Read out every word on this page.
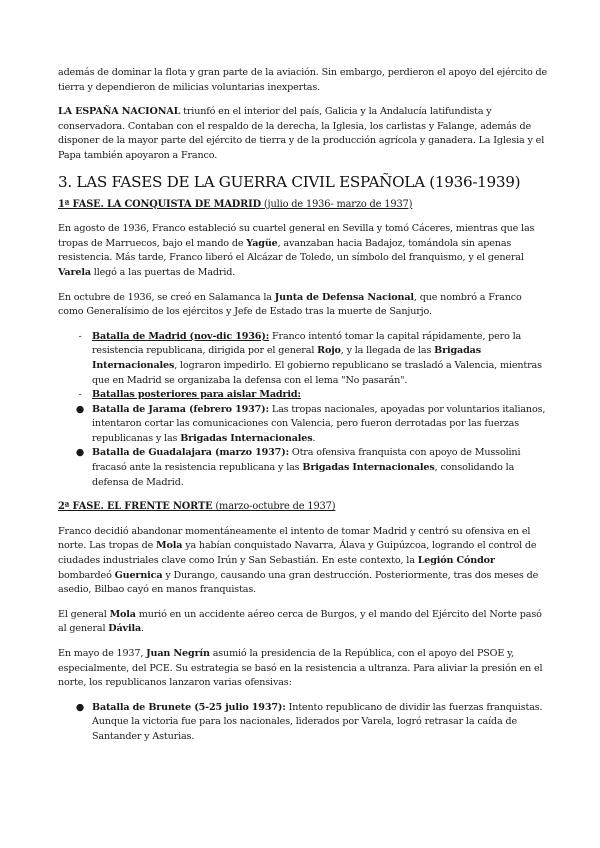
además de dominar la flota y gran parte de la aviación. Sin embargo, perdieron el apoyo del ejército de tierra y dependieron de milicias voluntarias inexpertas.

LA ESPAÑA NACIONAL triunfó en el interior del país, Galicia y la Andalucía latifundista y conservadora. Contaban con el respaldo de la derecha, la Iglesia, los carlistas y Falange, además de disponer de la mayor parte del ejército de tierra y de la producción agrícola y ganadera. La Iglesia y el Papa también apoyaron a Franco.

3. LAS FASES DE LA GUERRA CIVIL ESPAÑOLA (1936-1939)

1ª FASE. LA CONQUISTA DE MADRID (julio de 1936- marzo de 1937)

En agosto de 1936, Franco estableció su cuartel general en Sevilla y tomó Cáceres, mientras que las tropas de Marruecos, bajo el mando de Yagüe, avanzaban hacia Badajoz, tomándola sin apenas resistencia. Más tarde, Franco liberó el Alcázar de Toledo, un símbolo del franquismo, y el general Varela llegó a las puertas de Madrid.

En octubre de 1936, se creó en Salamanca la Junta de Defensa Nacional, que nombró a Franco como Generalísimo de los ejércitos y Jefe de Estado tras la muerte de Sanjurjo.

-	Batalla de Madrid (nov-dic 1936): Franco intentó tomar la capital rápidamente, pero la resistencia republicana, dirigida por el general Rojo, y la llegada de las Brigadas Internacionales, lograron impedirlo. El gobierno republicano se trasladó a Valencia, mientras que en Madrid se organizaba la defensa con el lema "No pasarán".
-	Batallas posteriores para aislar Madrid:
● Batalla de Jarama (febrero 1937): Las tropas nacionales, apoyadas por voluntarios italianos, intentaron cortar las comunicaciones con Valencia, pero fueron derrotadas por las fuerzas republicanas y las Brigadas Internacionales.
● Batalla de Guadalajara (marzo 1937): Otra ofensiva franquista con apoyo de Mussolini fracasó ante la resistencia republicana y las Brigadas Internacionales, consolidando la defensa de Madrid.

2ª FASE. EL FRENTE NORTE (marzo-octubre de 1937)

Franco decidió abandonar momentáneamente el intento de tomar Madrid y centró su ofensiva en el norte. Las tropas de Mola ya habían conquistado Navarra, Álava y Guipúzcoa, logrando el control de ciudades industriales clave como Irún y San Sebastián. En este contexto, la Legión Cóndor bombardeó Guernica y Durango, causando una gran destrucción. Posteriormente, tras dos meses de asedio, Bilbao cayó en manos franquistas.

El general Mola murió en un accidente aéreo cerca de Burgos, y el mando del Ejército del Norte pasó al general Dávila.

En mayo de 1937, Juan Negrín asumió la presidencia de la República, con el apoyo del PSOE y, especialmente, del PCE. Su estrategia se basó en la resistencia a ultranza. Para aliviar la presión en el norte, los republicanos lanzaron varias ofensivas:

● Batalla de Brunete (5-25 julio 1937): Intento republicano de dividir las fuerzas franquistas. Aunque la victoria fue para los nacionales, liderados por Varela, logró retrasar la caída de Santander y Asturias.
